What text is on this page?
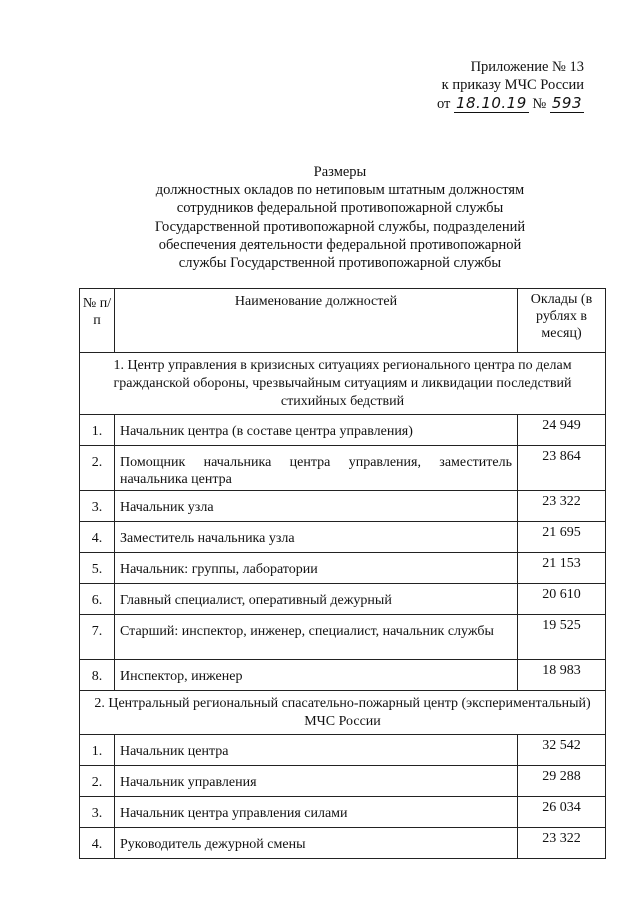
Приложение № 13
к приказу МЧС России
от 18.10.19 № 593
Размеры
должностных окладов по нетиповым штатным должностям
сотрудников федеральной противопожарной службы
Государственной противопожарной службы, подразделений
обеспечения деятельности федеральной противопожарной
службы Государственной противопожарной службы
№ п/п	Наименование должностей	Оклады (в рублях в месяц)
1. Центр управления в кризисных ситуациях регионального центра по делам гражданской обороны, чрезвычайным ситуациям и ликвидации последствий стихийных бедствий		
1.	Начальник центра (в составе центра управления)	24 949
2.	Помощник начальника центра управления, заместитель начальника центра	23 864
3.	Начальник узла	23 322
4.	Заместитель начальника узла	21 695
5.	Начальник: группы, лаборатории	21 153
6.	Главный специалист, оперативный дежурный	20 610
7.	Старший: инспектор, инженер, специалист, начальник службы	19 525
8.	Инспектор, инженер	18 983
2. Центральный региональный спасательно-пожарный центр (экспериментальный) МЧС России		
1.	Начальник центра	32 542
2.	Начальник управления	29 288
3.	Начальник центра управления силами	26 034
4.	Руководитель дежурной смены	23 322
